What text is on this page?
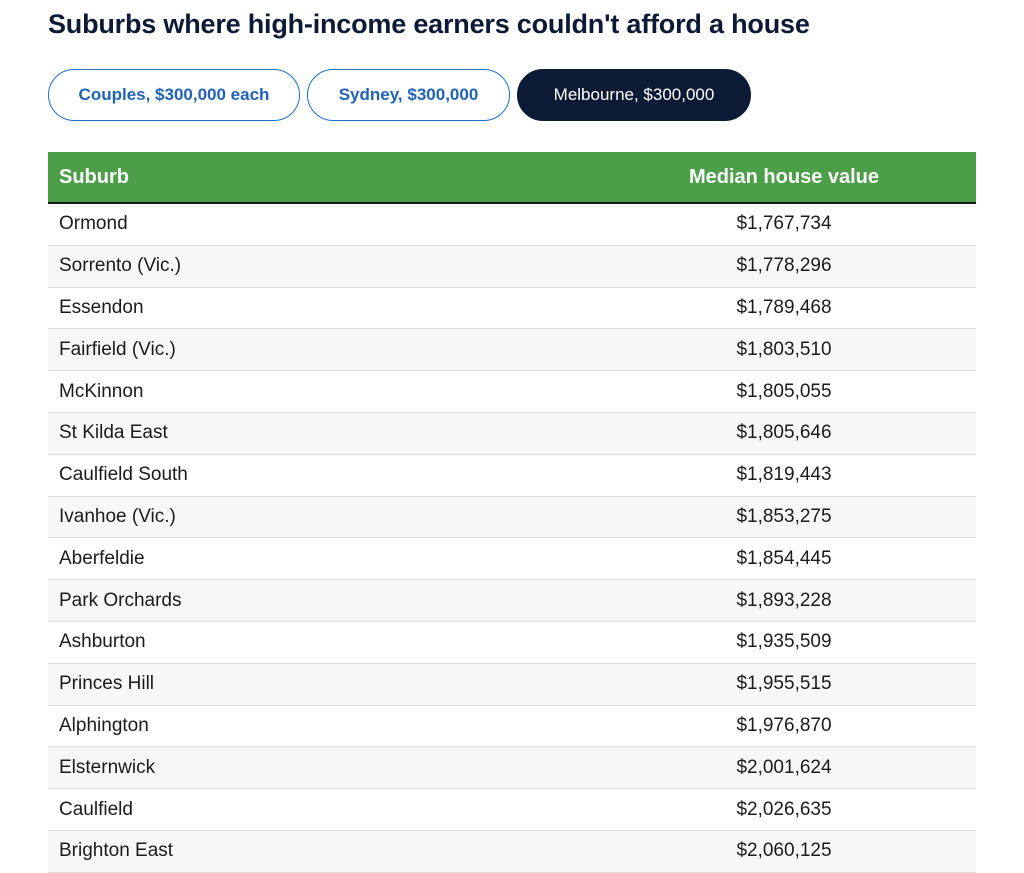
Suburbs where high-income earners couldn't afford a house
Couples, $300,000 each	Sydney, $300,000	Melbourne, $300,000
Suburb	Median house value
Ormond	$1,767,734
Sorrento (Vic.)	$1,778,296
Essendon	$1,789,468
Fairfield (Vic.)	$1,803,510
McKinnon	$1,805,055
St Kilda East	$1,805,646
Caulfield South	$1,819,443
Ivanhoe (Vic.)	$1,853,275
Aberfeldie	$1,854,445
Park Orchards	$1,893,228
Ashburton	$1,935,509
Princes Hill	$1,955,515
Alphington	$1,976,870
Elsternwick	$2,001,624
Caulfield	$2,026,635
Brighton East	$2,060,125
